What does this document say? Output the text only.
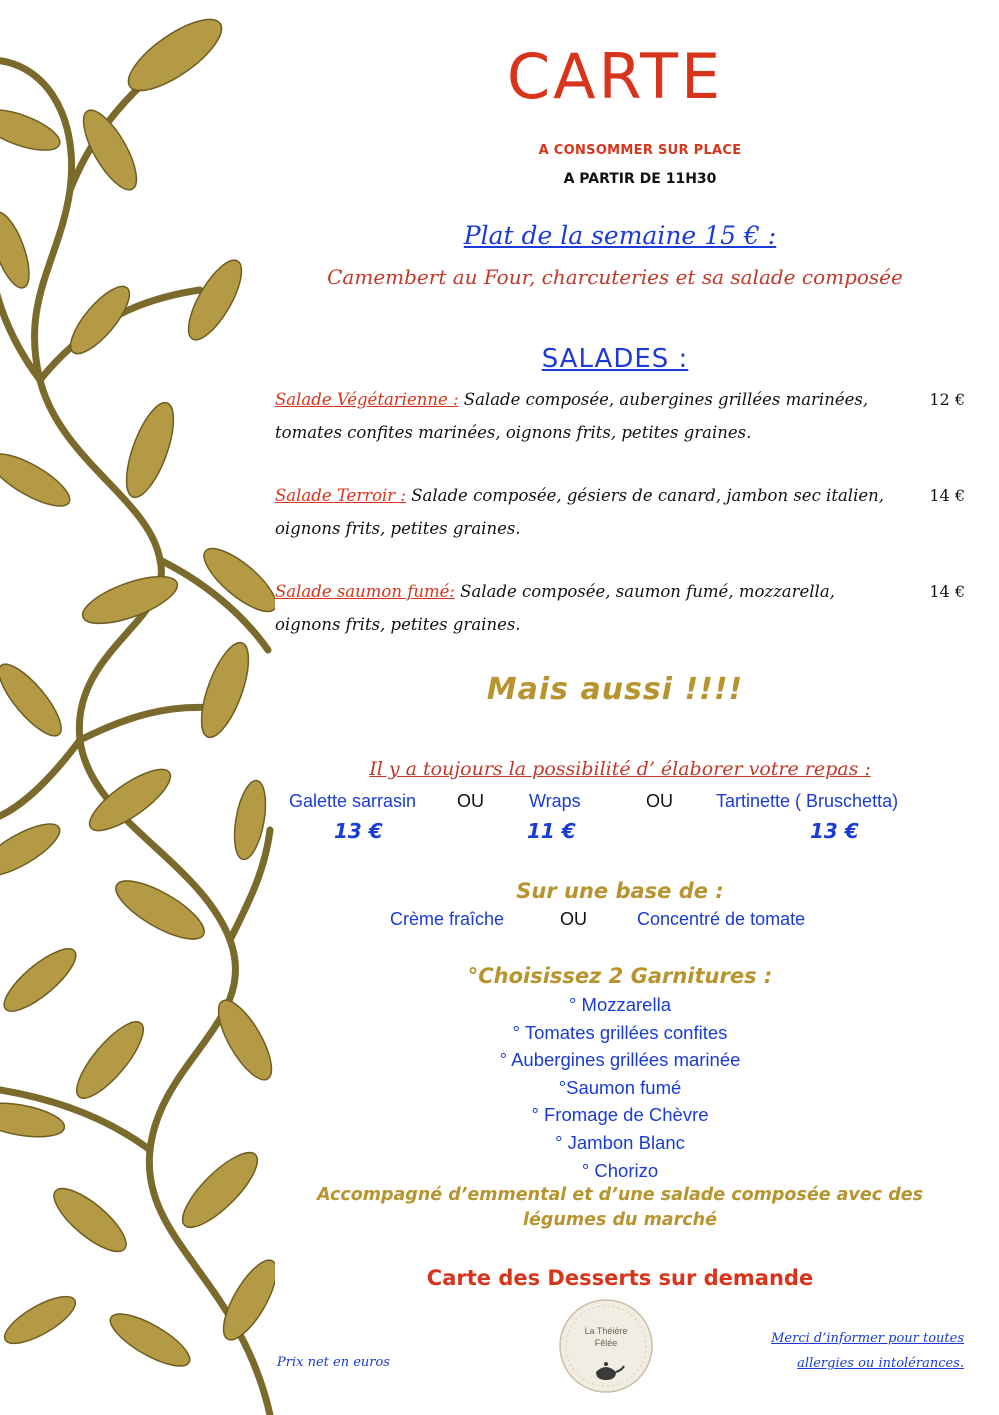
CARTE
A CONSOMMER SUR PLACE
A PARTIR DE 11H30
Plat de la semaine 15 € :
Camembert au Four, charcuteries et sa salade composée
SALADES :
Salade Végétarienne : Salade composée, aubergines grillées marinées,
tomates confites marinées, oignons frits, petites graines.
12 €
Salade Terroir : Salade composée, gésiers de canard, jambon sec italien,
oignons frits, petites graines.
14 €
Salade saumon fumé: Salade composée, saumon fumé, mozzarella,
oignons frits, petites graines.
14 €
Mais aussi !!!!
Il y a toujours la possibilité d’ élaborer votre repas :
Galette sarrasin OU	Wraps	OU Tartinette ( Bruschetta)
13 €	11 €	13 €
Sur une base de :
Crème fraîche	OU	Concentré de tomate
°Choisissez 2 Garnitures :
° Mozzarella
° Tomates grillées confites
° Aubergines grillées marinée
°Saumon fumé
° Fromage de Chèvre
° Jambon Blanc
° Chorizo
Accompagné d’emmental et d’une salade composée avec des légumes du marché
Carte des Desserts sur demande
Prix net en euros
La Théière
Fêlée	Merci d’informer pour toutes
allergies ou intolérances.
